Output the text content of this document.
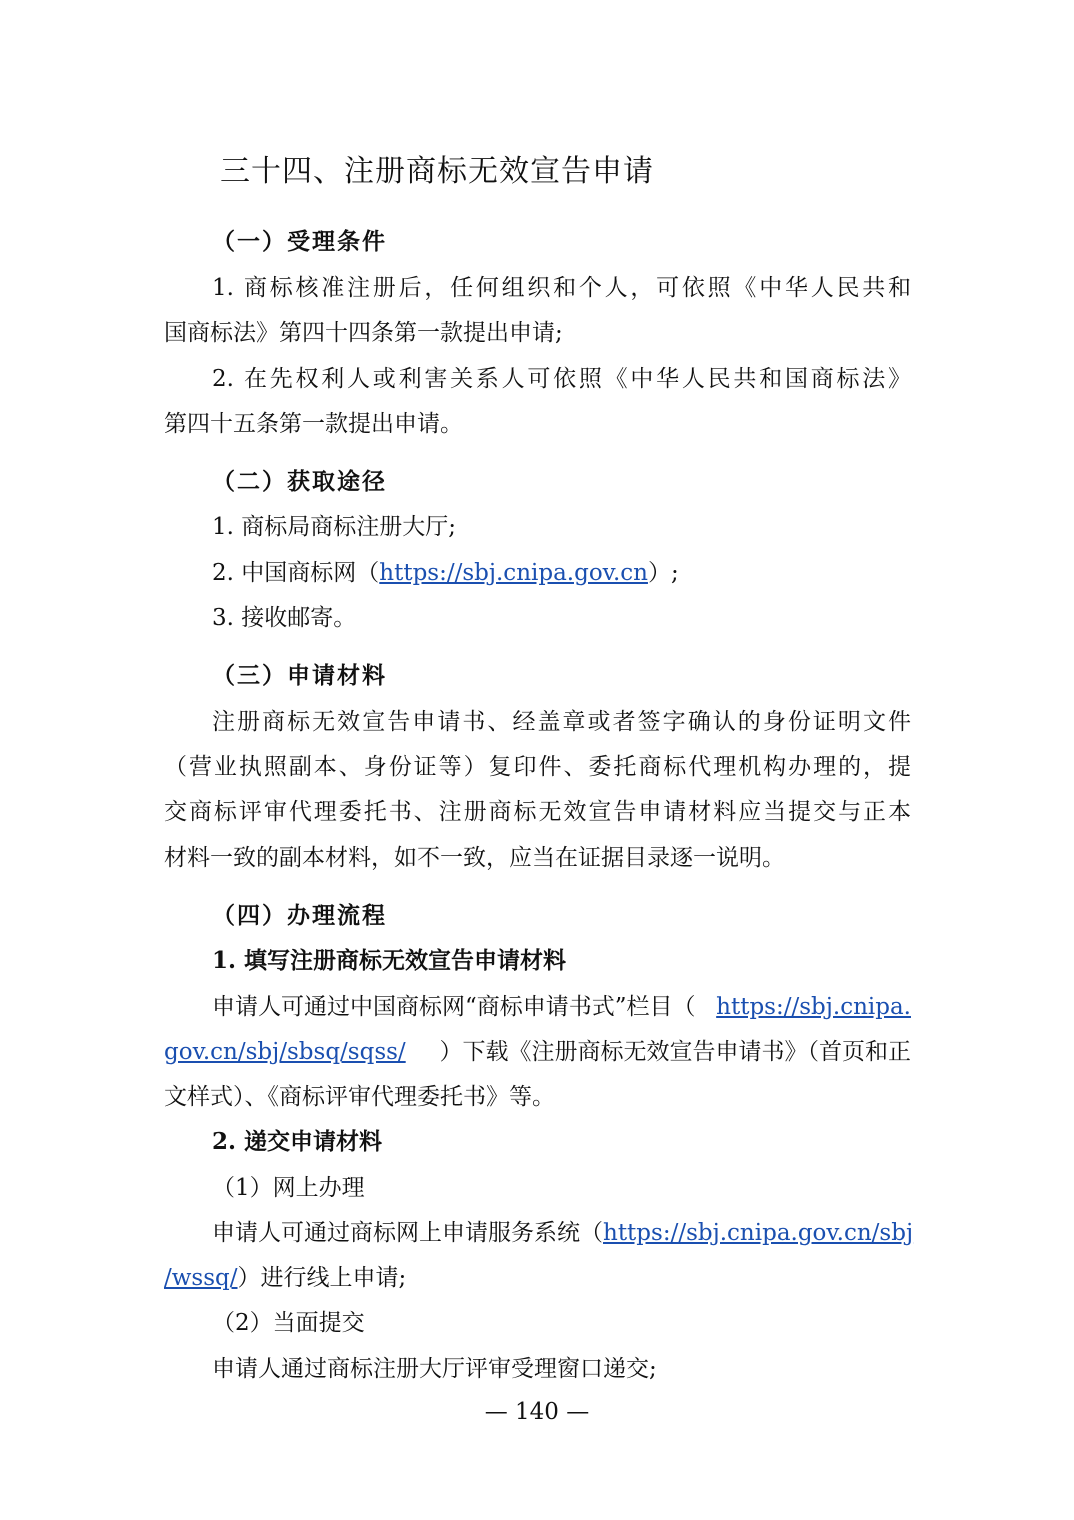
三十四、注册商标无效宣告申请
（一）受理条件
1. 商标核准注册后，任何组织和个人，可依照《中华人民共和
国商标法》第四十四条第一款提出申请;
2. 在先权利人或利害关系人可依照《中华人民共和国商标法》
第四十五条第一款提出申请。
（二）获取途径
1. 商标局商标注册大厅;
2. 中国商标网（https://sbj.cnipa.gov.cn）;
3. 接收邮寄。
（三）申请材料
注册商标无效宣告申请书、经盖章或者签字确认的身份证明文件
（营业执照副本、身份证等）复印件、委托商标代理机构办理的，提
交商标评审代理委托书、注册商标无效宣告申请材料应当提交与正本
材料一致的副本材料，如不一致，应当在证据目录逐一说明。
（四）办理流程
1. 填写注册商标无效宣告申请材料
申请人可通过中国商标网“商标申请书式”栏目（ https://sbj.cnipa.
gov.cn/sbj/sbsq/sqss/ ）下载《注册商标无效宣告申请书》（首页和正
文样式）、《商标评审代理委托书》等。
2. 递交申请材料
（1）网上办理
申请人可通过商标网上申请服务系统（ https://sbj.cnipa.gov.cn/sbj
/wssq/）进行线上申请;
（2）当面提交
申请人通过商标注册大厅评审受理窗口递交;
— 140 —
